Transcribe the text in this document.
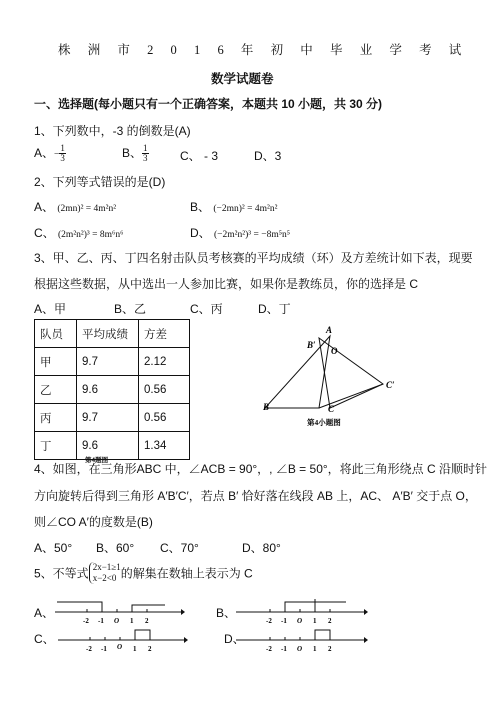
株洲市2016年初中毕业学考试
数学试题卷
一、选择题(每小题只有一个正确答案，本题共 10 小题，共 30 分)
1、下列数中，-3 的倒数是(A)
A、− $\frac{1}{3}$	B、 $\frac{1}{3}$	C、 - 3	D、3
2、下列等式错误的是(D)
A、 (2mn)² = 4m²n²	B、 (−2mn)² = 4m²n²
C、 (2m²n²)³ = 8m⁶n⁶	D、 (−2m²n²)³ = −8m⁵n⁵
3、甲、乙、丙、丁四名射击队员考核赛的平均成绩（环）及方差统计如下表，现要
根据这些数据，从中选出一人参加比赛，如果你是教练员，你的选择是 C
A、甲	B、乙	C、丙	D、丁
队员	平均成绩	方差
甲	9.7	2.12
乙	9.6	0.56
丙	9.7	0.56
丁	9.6	1.34
A
B′
O
C′
B	C
第4小题图
第4题图
4、如图，在三角形ABC 中，∠ACB = 90°，, ∠B = 50°，将此三角形绕点 C 沿顺时针
方向旋转后得到三角形 A′B′C′，若点 B′ 恰好落在线段 AB 上，AC、 A′B′ 交于点 O，
则∠CO A′的度数是(B)
A、50° B、60° C、70°	D、80°
5、不等式 2x−1≥1
x−2<0 的解集在数轴上表示为 C
A、	B、
C、	D、
-2 -1 O 1 2	-2 -1 O 1 2
-2 -1 O 1 2	-2 -1 O 1 2
